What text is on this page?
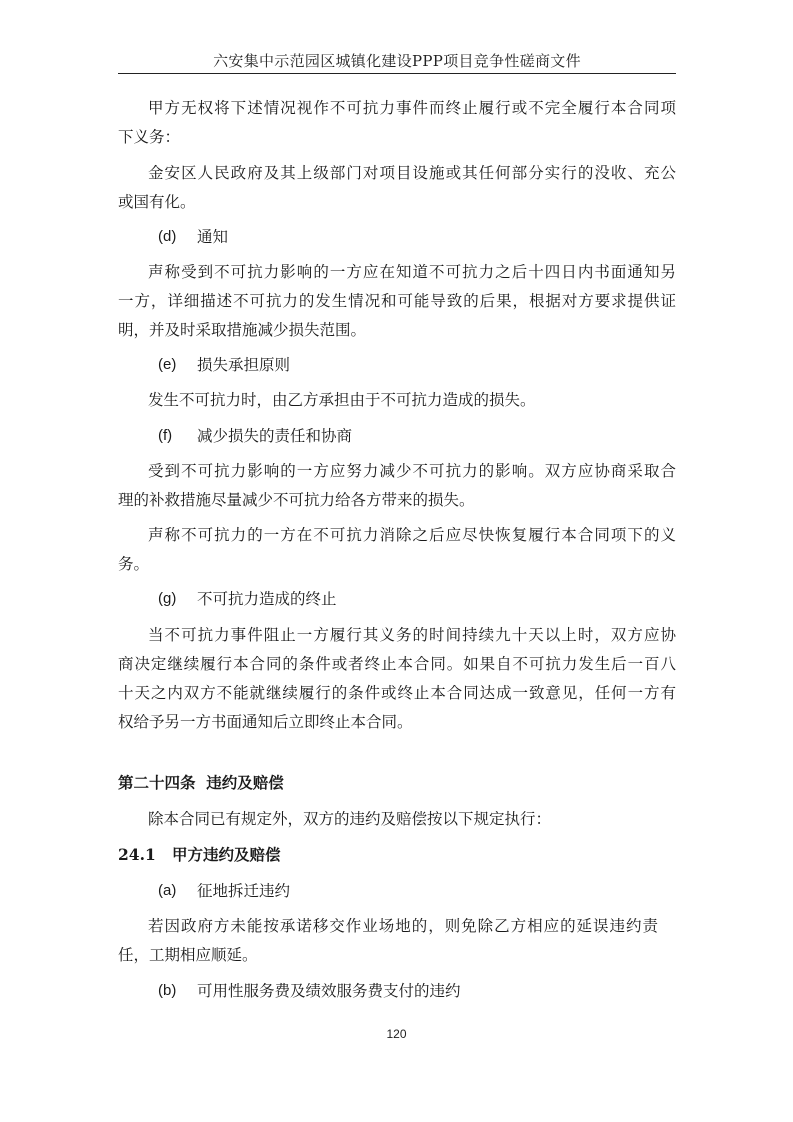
六安集中示范园区城镇化建设PPP项目竞争性磋商文件
甲方无权将下述情况视作不可抗力事件而终止履行或不完全履行本合同项
下义务：
金安区人民政府及其上级部门对项目设施或其任何部分实行的没收、充公
或国有化。
(d) 通知
声称受到不可抗力影响的一方应在知道不可抗力之后十四日内书面通知另
一方，详细描述不可抗力的发生情况和可能导致的后果，根据对方要求提供证
明，并及时采取措施减少损失范围。
(e) 损失承担原则
发生不可抗力时，由乙方承担由于不可抗力造成的损失。
(f) 减少损失的责任和协商
受到不可抗力影响的一方应努力减少不可抗力的影响。双方应协商采取合
理的补救措施尽量减少不可抗力给各方带来的损失。
声称不可抗力的一方在不可抗力消除之后应尽快恢复履行本合同项下的义
务。
(g) 不可抗力造成的终止
当不可抗力事件阻止一方履行其义务的时间持续九十天以上时，双方应协
商决定继续履行本合同的条件或者终止本合同。如果自不可抗力发生后一百八
十天之内双方不能就继续履行的条件或终止本合同达成一致意见，任何一方有
权给予另一方书面通知后立即终止本合同。
第二十四条  违约及赔偿
除本合同已有规定外，双方的违约及赔偿按以下规定执行：
24.1   甲方违约及赔偿
(a) 征地拆迁违约
若因政府方未能按承诺移交作业场地的，则免除乙方相应的延误违约责
任，工期相应顺延。
(b) 可用性服务费及绩效服务费支付的违约
120
